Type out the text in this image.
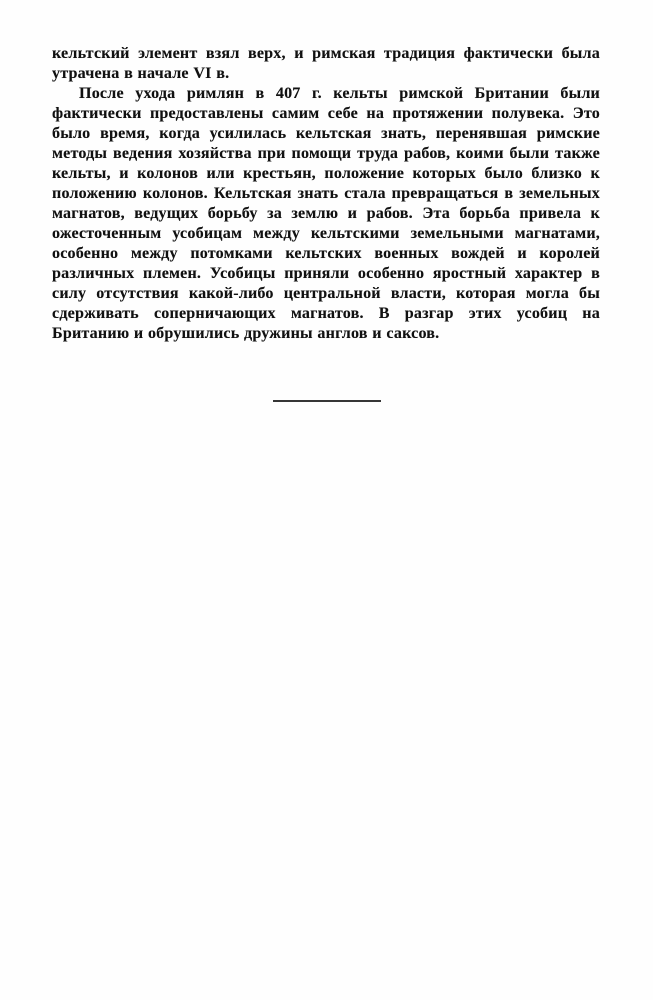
кельтский элемент взял верх, и римская традиция фактически была утрачена в начале VI в.

После ухода римлян в 407 г. кельты римской Британии были фактически предоставлены самим себе на протяжении полувека. Это было время, когда усилилась кельтская знать, перенявшая римские методы ведения хозяйства при помощи труда рабов, коими были также кельты, и колонов или крестьян, положение которых было близко к положению колонов. Кельтская знать стала превращаться в земельных магнатов, ведущих борьбу за землю и рабов. Эта борьба привела к ожесточенным усобицам между кельтскими земельными магнатами, особенно между потомками кельтских военных вождей и королей различных племен. Усобицы приняли особенно яростный характер в силу отсутствия какой-либо центральной власти, которая могла бы сдерживать соперничающих магнатов. В разгар этих усобиц на Британию и обрушились дружины англов и саксов.
